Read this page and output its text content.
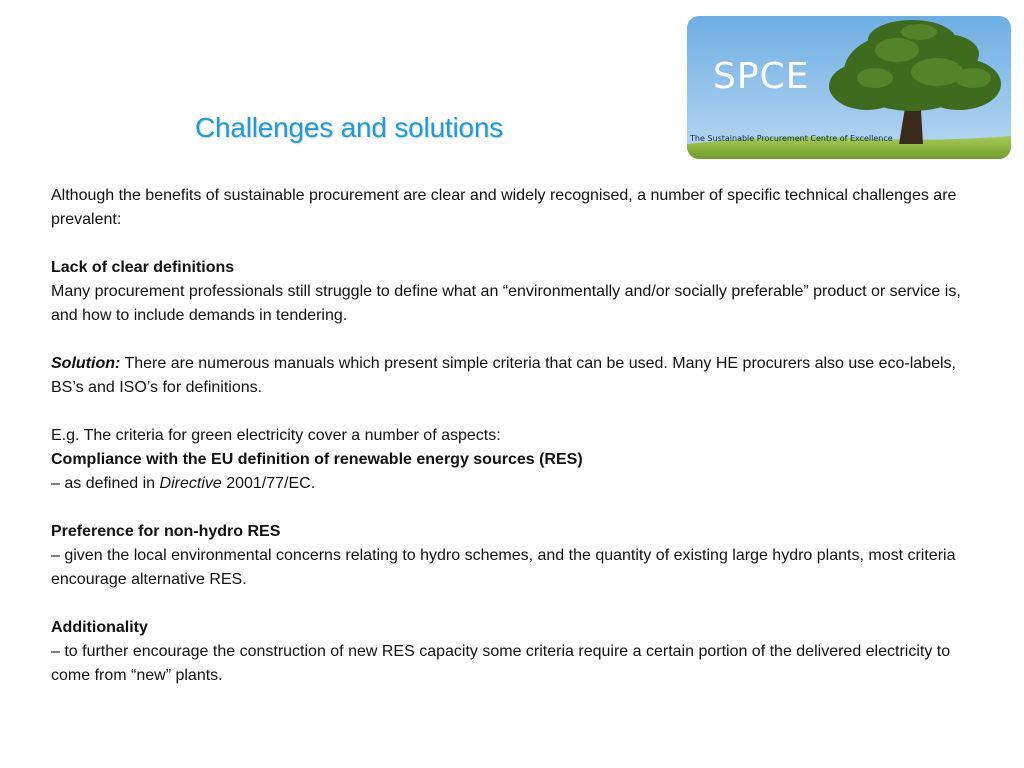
SPCE
The Sustainable Procurement Centre of Excellence
Challenges and solutions

Although the benefits of sustainable procurement are clear and widely recognised, a number of specific technical challenges are prevalent:

Lack of clear definitions

Many procurement professionals still struggle to define what an “environmentally and/or socially preferable” product or service is, and how to include demands in tendering.

Solution: There are numerous manuals which present simple criteria that can be used. Many HE procurers also use eco-labels, BS’s and ISO’s for definitions.

E.g. The criteria for green electricity cover a number of aspects:

Compliance with the EU definition of renewable energy sources (RES)

– as defined in Directive 2001/77/EC.

Preference for non-hydro RES

– given the local environmental concerns relating to hydro schemes, and the quantity of existing large hydro plants, most criteria encourage alternative RES.

Additionality

– to further encourage the construction of new RES capacity some criteria require a certain portion of the delivered electricity to come from “new” plants.
